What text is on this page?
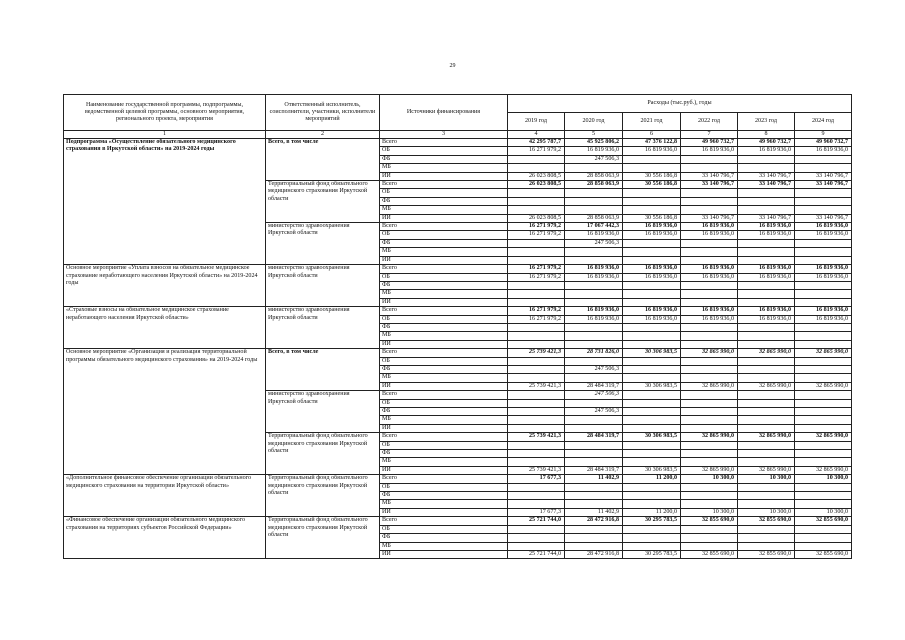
29
Наименование государственной программы, подпрограммы, ведомственной целевой программы, основного мероприятия, регионального проекта, мероприятия	Ответственный исполнитель, соисполнители, участники, исполнители мероприятий	Источники финансирования	Расходы (тыс.руб.), годы					
			2019 год	2020 год	2021 год	2022 год	2023 год	2024 год
1	2	3	4	5	6	7	8	9
Подпрограмма «Осуществление обязательного медицинского страхования в Иркутской области» на 2019-2024 годы	Всего, в том числе	Всего	42 295 787,7	45 925 806,2	47 376 122,8	49 960 732,7	49 960 732,7	49 960 732,7
		ОБ	16 271 979,2	16 819 936,0	16 819 936,0	16 819 936,0	16 819 936,0	16 819 936,0
		ФБ		247 506,3				
		МБ						
		ИИ	26 023 808,5	28 858 063,9	30 556 186,8	33 140 796,7	33 140 796,7	33 140 796,7
	Территориальный фонд обязательного медицинского страхования Иркутской области	Всего	26 023 808,5	28 858 063,9	30 556 186,8	33 140 796,7	33 140 796,7	33 140 796,7
		ОБ						
		ФБ						
		МБ						
		ИИ	26 023 808,5	28 858 063,9	30 556 186,8	33 140 796,7	33 140 796,7	33 140 796,7
	министерство здравоохранения Иркутской области	Всего	16 271 979,2	17 067 442,3	16 819 936,0	16 819 936,0	16 819 936,0	16 819 936,0
		ОБ	16 271 979,2	16 819 936,0	16 819 936,0	16 819 936,0	16 819 936,0	16 819 936,0
		ФБ		247 506,3				
		МБ						
		ИИ						
Основное мероприятие «Уплата взносов на обязательное медицинское страхование неработающего населения Иркутской области» на 2019-2024 годы	министерство здравоохранения Иркутской области	Всего	16 271 979,2	16 819 936,0	16 819 936,0	16 819 936,0	16 819 936,0	16 819 936,0
		ОБ	16 271 979,2	16 819 936,0	16 819 936,0	16 819 936,0	16 819 936,0	16 819 936,0
		ФБ						
		МБ						
		ИИ						
«Страховые взносы на обязательное медицинское страхование неработающего населения Иркутской области»	министерство здравоохранения Иркутской области	Всего	16 271 979,2	16 819 936,0	16 819 936,0	16 819 936,0	16 819 936,0	16 819 936,0
		ОБ	16 271 979,2	16 819 936,0	16 819 936,0	16 819 936,0	16 819 936,0	16 819 936,0
		ФБ						
		МБ						
		ИИ						
Основное мероприятие «Организация и реализация территориальной программы обязательного медицинского страхования» на 2019-2024 годы	Всего, в том числе	Всего	25 739 421,3	28 731 826,0	30 306 983,5	32 865 990,0	32 865 990,0	32 865 990,0
		ОБ						
		ФБ		247 506,3				
		МБ						
		ИИ	25 739 421,3	28 484 319,7	30 306 983,5	32 865 990,0	32 865 990,0	32 865 990,0
	министерство здравоохранения Иркутской области	Всего		247 506,3				
		ОБ						
		ФБ		247 506,3				
		МБ						
		ИИ						
	Территориальный фонд обязательного медицинского страхования Иркутской области	Всего	25 739 421,3	28 484 319,7	30 306 983,5	32 865 990,0	32 865 990,0	32 865 990,0
		ОБ						
		ФБ						
		МБ						
		ИИ	25 739 421,3	28 484 319,7	30 306 983,5	32 865 990,0	32 865 990,0	32 865 990,0
«Дополнительное финансовое обеспечение организации обязательного медицинского страхования на территории Иркутской области»	Территориальный фонд обязательного медицинского страхования Иркутской области	Всего	17 677,3	11 402,9	11 200,0	10 300,0	10 300,0	10 300,0
		ОБ						
		ФБ						
		МБ						
		ИИ	17 677,3	11 402,9	11 200,0	10 300,0	10 300,0	10 300,0
«Финансовое обеспечение организации обязательного медицинского страхования на территориях субъектов Российской Федерации»	Территориальный фонд обязательного медицинского страхования Иркутской области	Всего	25 721 744,0	28 472 916,8	30 295 783,5	32 855 690,0	32 855 690,0	32 855 690,0
		ОБ						
		ФБ						
		МБ						
		ИИ	25 721 744,0	28 472 916,8	30 295 783,5	32 855 690,0	32 855 690,0	32 855 690,0
